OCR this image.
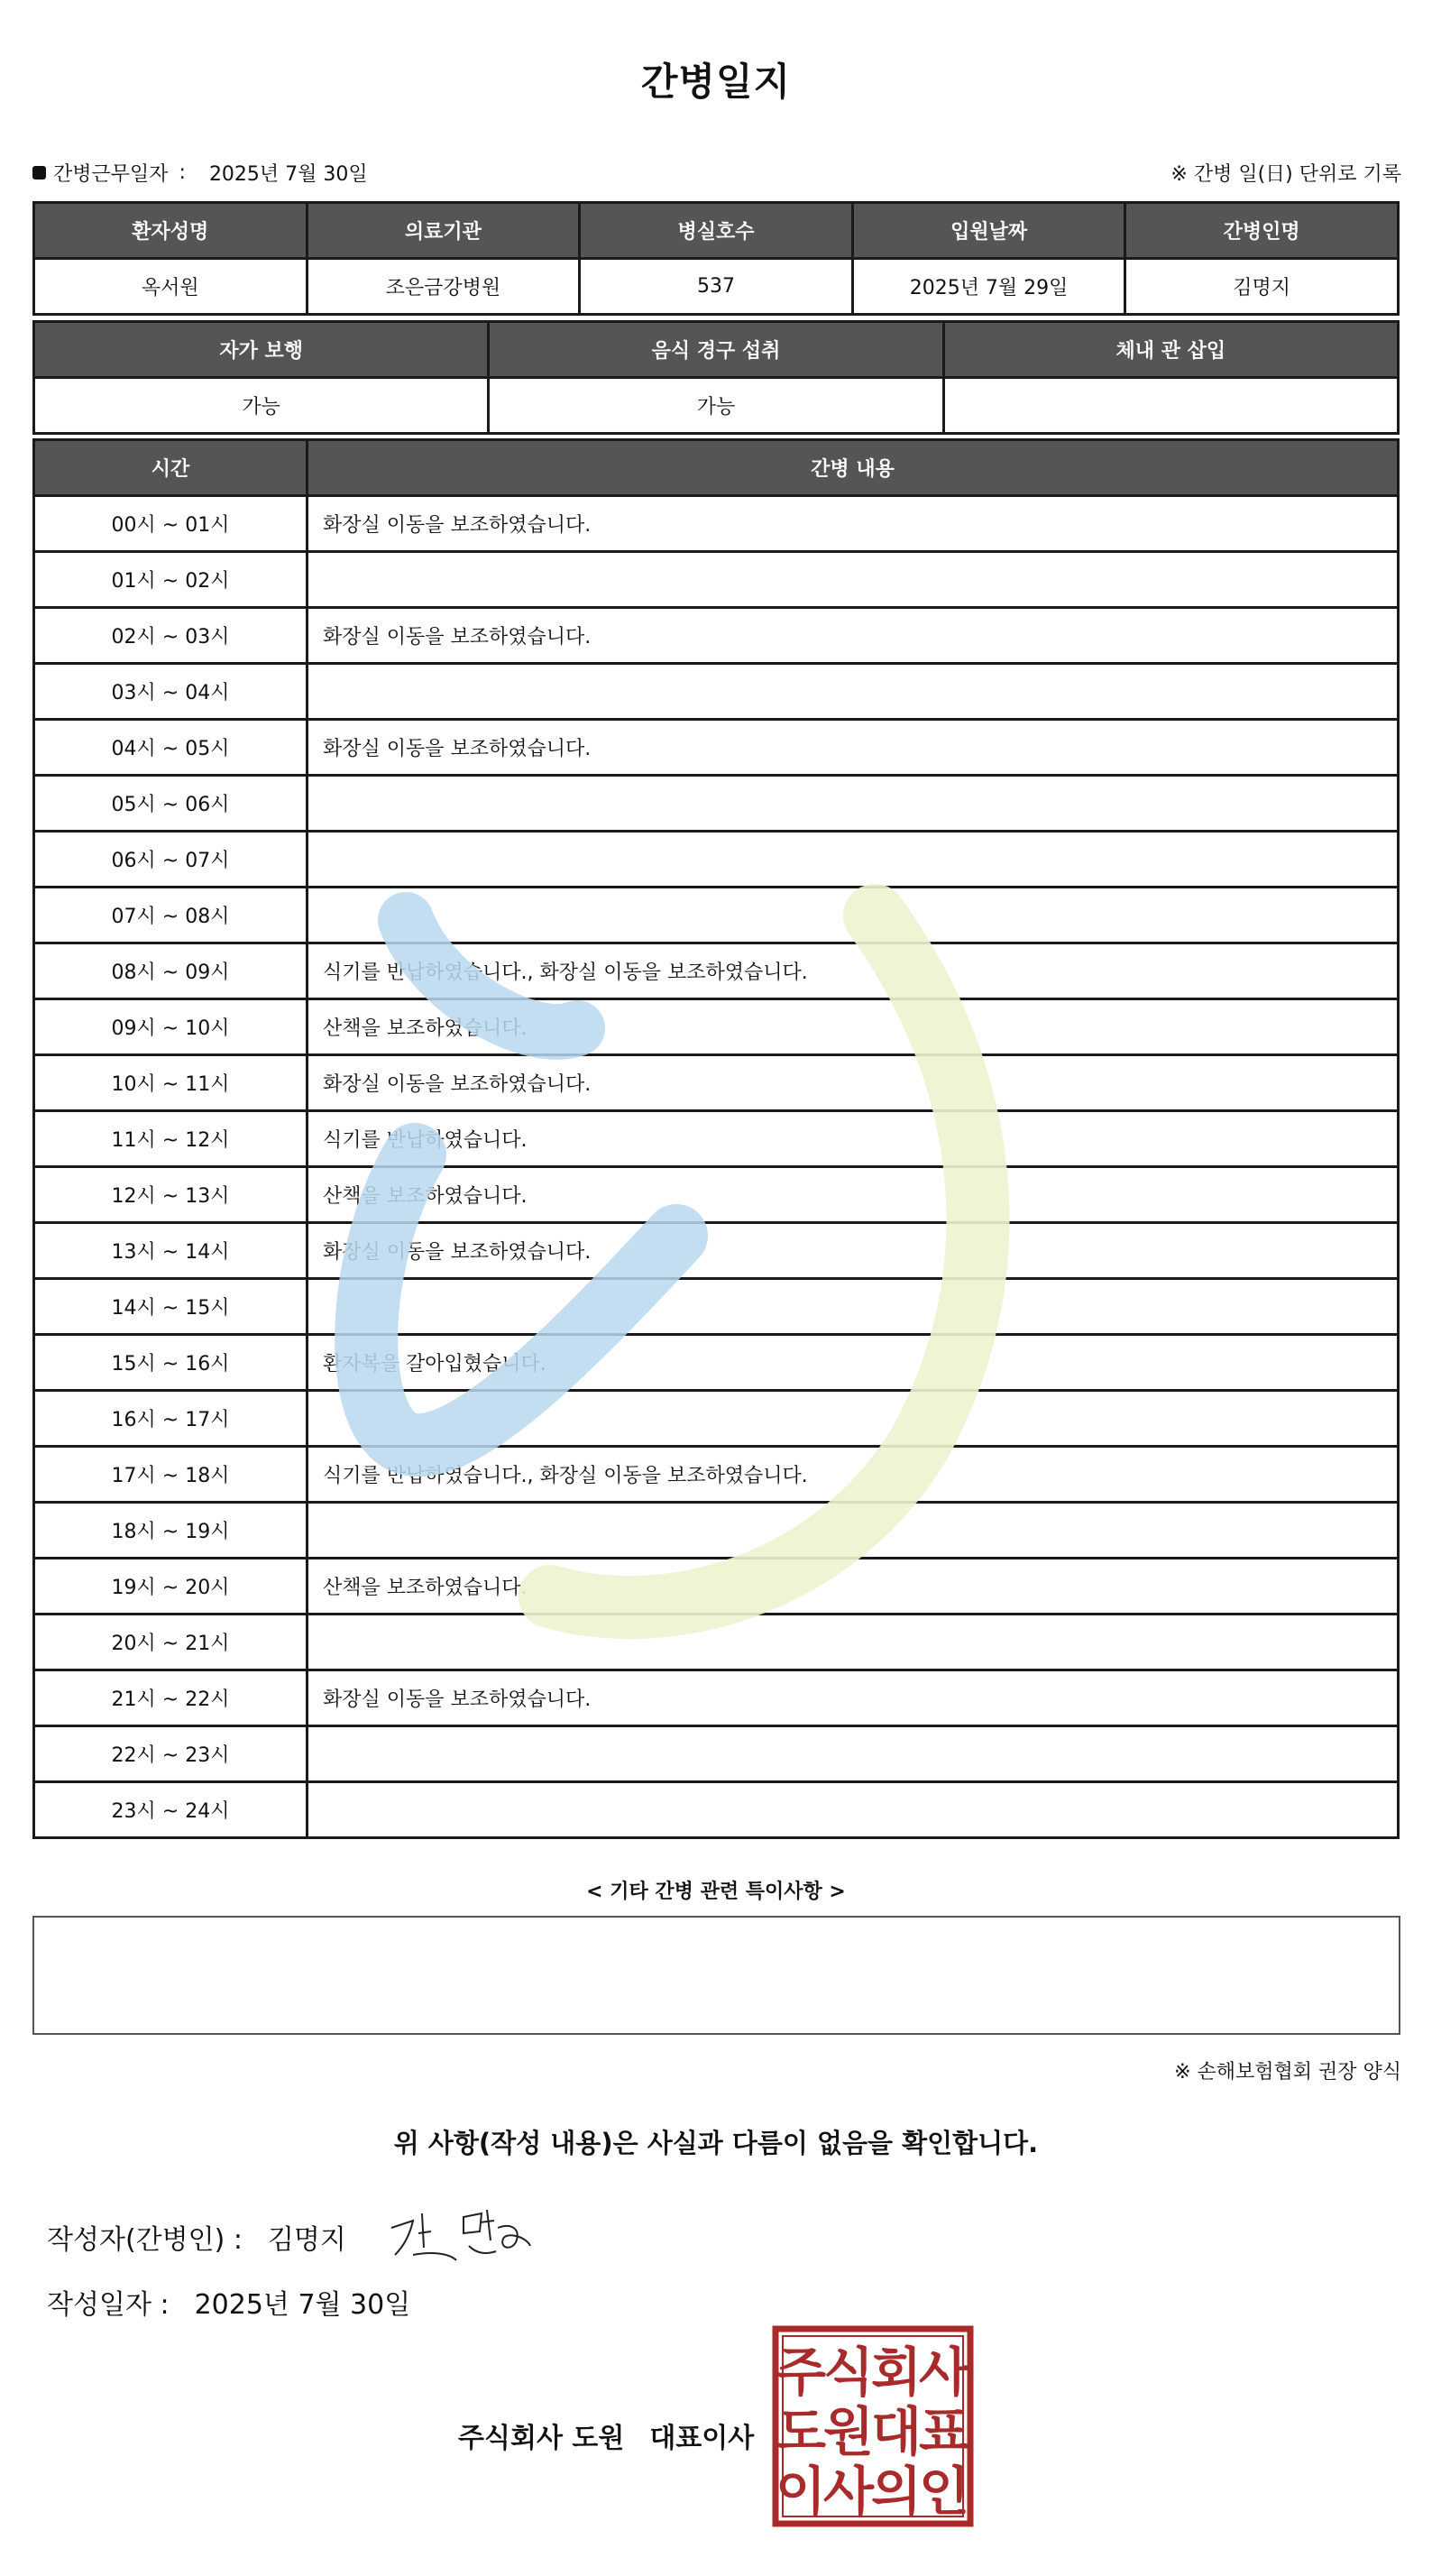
간병일지
간병근무일자 : 2025년 7월 30일	※ 간병 일(日) 단위로 기록
환자성명	의료기관	병실호수	입원날짜	간병인명
옥서원	조은금강병원	537	2025년 7월 29일	김명지
자가 보행	음식 경구 섭취	체내 관 삽입
가능	가능	
시간	간병 내용
00시 ~ 01시	화장실 이동을 보조하였습니다.
01시 ~ 02시	
02시 ~ 03시	화장실 이동을 보조하였습니다.
03시 ~ 04시	
04시 ~ 05시	화장실 이동을 보조하였습니다.
05시 ~ 06시	
06시 ~ 07시	
07시 ~ 08시	
08시 ~ 09시	식기를 반납하였습니다., 화장실 이동을 보조하였습니다.
09시 ~ 10시	산책을 보조하였습니다.
10시 ~ 11시	화장실 이동을 보조하였습니다.
11시 ~ 12시	식기를 반납하였습니다.
12시 ~ 13시	산책을 보조하였습니다.
13시 ~ 14시	화장실 이동을 보조하였습니다.
14시 ~ 15시	
15시 ~ 16시	환자복을 갈아입혔습니다.
16시 ~ 17시	
17시 ~ 18시	식기를 반납하였습니다., 화장실 이동을 보조하였습니다.
18시 ~ 19시	
19시 ~ 20시	산책을 보조하였습니다.
20시 ~ 21시	
21시 ~ 22시	화장실 이동을 보조하였습니다.
22시 ~ 23시	
23시 ~ 24시	
< 기타 간병 관련 특이사항 >
※ 손해보험협회 권장 양식
위 사항(작성 내용)은 사실과 다름이 없음을 확인합니다.
작성자(간병인) : 김명지
작성일자 : 2025년 7월 30일
주식회사 도원 대표이사
주
식
회
사
도
원
대
표
이
사
의
인
